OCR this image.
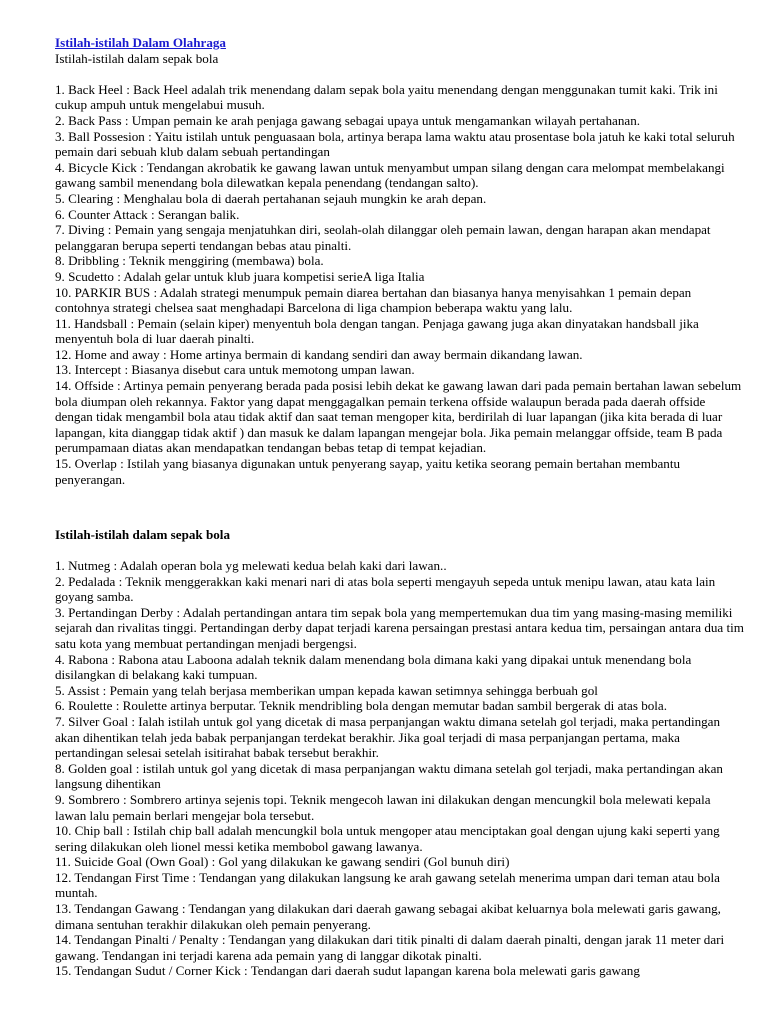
Istilah-istilah Dalam Olahraga
Istilah-istilah dalam sepak bola
1. Back Heel : Back Heel adalah trik menendang dalam sepak bola yaitu menendang dengan menggunakan tumit kaki. Trik ini cukup ampuh untuk mengelabui musuh.
2. Back Pass : Umpan pemain ke arah penjaga gawang sebagai upaya untuk mengamankan wilayah pertahanan.
3. Ball Possesion : Yaitu istilah untuk penguasaan bola, artinya berapa lama waktu atau prosentase bola jatuh ke kaki total seluruh pemain dari sebuah klub dalam sebuah pertandingan
4. Bicycle Kick : Tendangan akrobatik ke gawang lawan untuk menyambut umpan silang dengan cara melompat membelakangi gawang sambil menendang bola dilewatkan kepala penendang (tendangan salto).
5. Clearing : Menghalau bola di daerah pertahanan sejauh mungkin ke arah depan.
6. Counter Attack : Serangan balik.
7. Diving : Pemain yang sengaja menjatuhkan diri, seolah-olah dilanggar oleh pemain lawan, dengan harapan akan mendapat pelanggaran berupa seperti tendangan bebas atau pinalti.
8. Dribbling : Teknik menggiring (membawa) bola.
9. Scudetto : Adalah gelar untuk klub juara kompetisi serieA liga Italia
10. PARKIR BUS : Adalah strategi menumpuk pemain diarea bertahan dan biasanya hanya menyisahkan 1 pemain depan contohnya strategi chelsea saat menghadapi Barcelona di liga champion beberapa waktu yang lalu.
11. Handsball : Pemain (selain kiper) menyentuh bola dengan tangan. Penjaga gawang juga akan dinyatakan handsball jika menyentuh bola di luar daerah pinalti.
12. Home and away : Home artinya bermain di kandang sendiri dan away bermain dikandang lawan.
13. Intercept : Biasanya disebut cara untuk memotong umpan lawan.
14. Offside : Artinya pemain penyerang berada pada posisi lebih dekat ke gawang lawan dari pada pemain bertahan lawan sebelum bola diumpan oleh rekannya. Faktor yang dapat menggagalkan pemain terkena offside walaupun berada pada daerah offside dengan tidak mengambil bola atau tidak aktif dan saat teman mengoper kita, berdirilah di luar lapangan (jika kita berada di luar lapangan, kita dianggap tidak aktif ) dan masuk ke dalam lapangan mengejar bola. Jika pemain melanggar offside, team B pada perumpamaan diatas akan mendapatkan tendangan bebas tetap di tempat kejadian.
15. Overlap : Istilah yang biasanya digunakan untuk penyerang sayap, yaitu ketika seorang pemain bertahan membantu penyerangan.
Istilah-istilah dalam sepak bola
1. Nutmeg : Adalah operan bola yg melewati kedua belah kaki dari lawan..
2. Pedalada : Teknik menggerakkan kaki menari nari di atas bola seperti mengayuh sepeda untuk menipu lawan, atau kata lain goyang samba.
3. Pertandingan Derby : Adalah pertandingan antara tim sepak bola yang mempertemukan dua tim yang masing-masing memiliki sejarah dan rivalitas tinggi. Pertandingan derby dapat terjadi karena persaingan prestasi antara kedua tim, persaingan antara dua tim satu kota yang membuat pertandingan menjadi bergengsi.
4. Rabona : Rabona atau Laboona adalah teknik dalam menendang bola dimana kaki yang dipakai untuk menendang bola disilangkan di belakang kaki tumpuan.
5. Assist : Pemain yang telah berjasa memberikan umpan kepada kawan setimnya sehingga berbuah gol
6. Roulette : Roulette artinya berputar. Teknik mendribling bola dengan memutar badan sambil bergerak di atas bola.
7. Silver Goal : Ialah istilah untuk gol yang dicetak di masa perpanjangan waktu dimana setelah gol terjadi, maka pertandingan akan dihentikan telah jeda babak perpanjangan terdekat berakhir. Jika goal terjadi di masa perpanjangan pertama, maka pertandingan selesai setelah isitirahat babak tersebut berakhir.
8. Golden goal : istilah untuk gol yang dicetak di masa perpanjangan waktu dimana setelah gol terjadi, maka pertandingan akan langsung dihentikan
9. Sombrero : Sombrero artinya sejenis topi. Teknik mengecoh lawan ini dilakukan dengan mencungkil bola melewati kepala lawan lalu pemain berlari mengejar bola tersebut.
10. Chip ball : Istilah chip ball adalah mencungkil bola untuk mengoper atau menciptakan goal dengan ujung kaki seperti yang sering dilakukan oleh lionel messi ketika membobol gawang lawanya.
11. Suicide Goal (Own Goal) : Gol yang dilakukan ke gawang sendiri (Gol bunuh diri)
12. Tendangan First Time : Tendangan yang dilakukan langsung ke arah gawang setelah menerima umpan dari teman atau bola muntah.
13. Tendangan Gawang : Tendangan yang dilakukan dari daerah gawang sebagai akibat keluarnya bola melewati garis gawang, dimana sentuhan terakhir dilakukan oleh pemain penyerang.
14. Tendangan Pinalti / Penalty : Tendangan yang dilakukan dari titik pinalti di dalam daerah pinalti, dengan jarak 11 meter dari gawang. Tendangan ini terjadi karena ada pemain yang di langgar dikotak pinalti.
15. Tendangan Sudut / Corner Kick : Tendangan dari daerah sudut lapangan karena bola melewati garis gawang
